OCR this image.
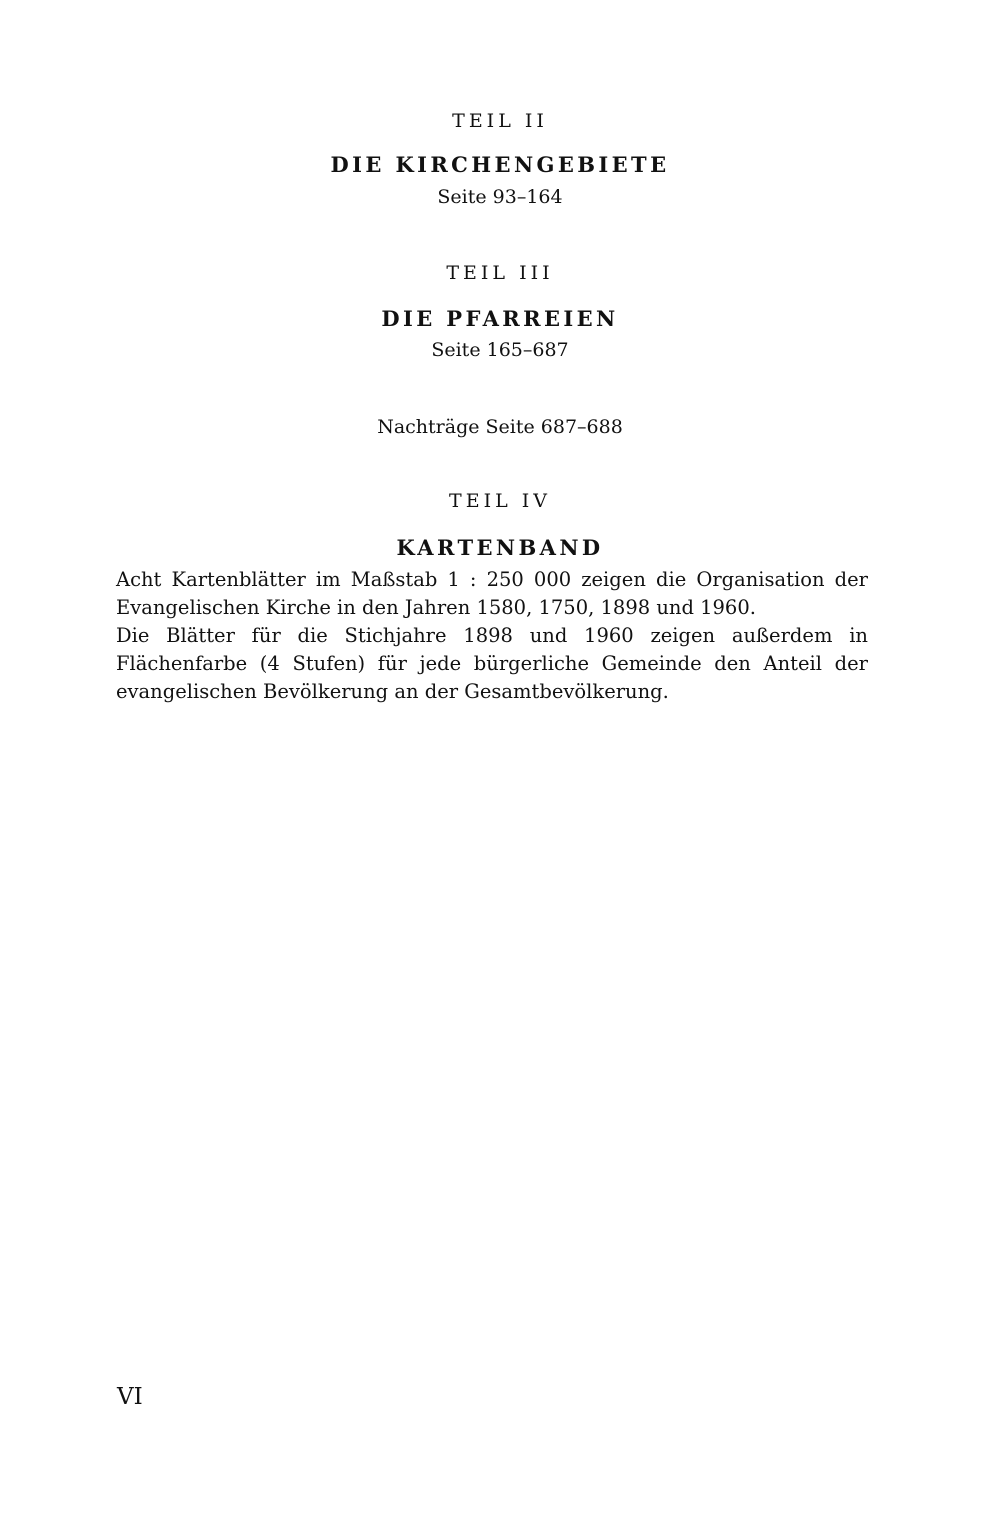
TEIL II
DIE KIRCHENGEBIETE
Seite 93–164
TEIL III
DIE PFARREIEN
Seite 165–687
Nachträge Seite 687–688
TEIL IV
KARTENBAND

Acht Kartenblätter im Maßstab 1 : 250 000 zeigen die Organisation der Evangelischen Kirche in den Jahren 1580, 1750, 1898 und 1960.

Die Blätter für die Stichjahre 1898 und 1960 zeigen außerdem in Flächenfarbe (4 Stufen) für jede bürgerliche Gemeinde den Anteil der evangelischen Bevölkerung an der Gesamtbevölkerung.

VI
